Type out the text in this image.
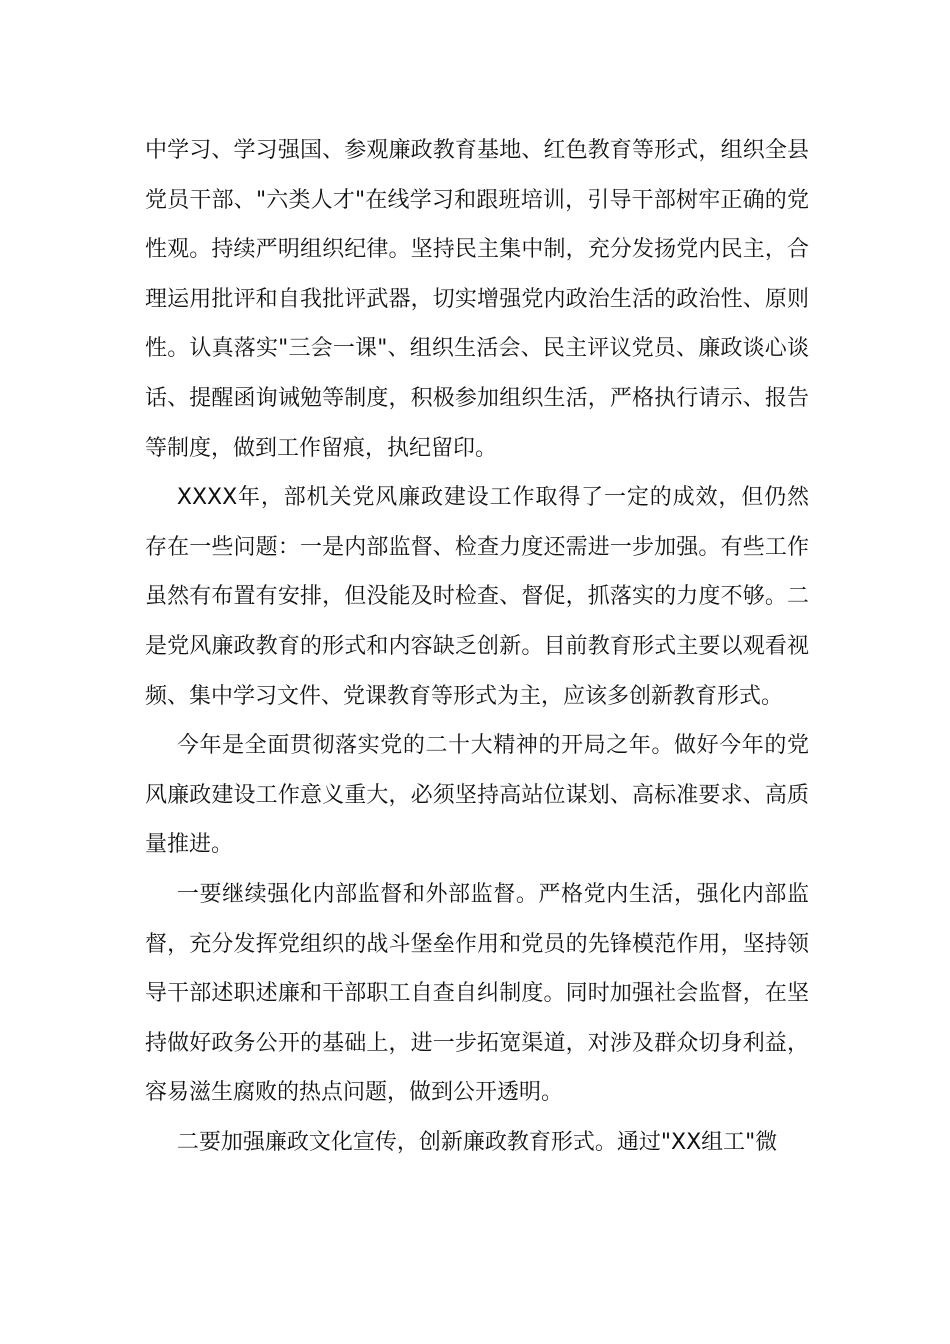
中学习、学习强国、参观廉政教育基地、红色教育等形式，组织全县党员干部、"六类人才"在线学习和跟班培训，引导干部树牢正确的党性观。持续严明组织纪律。坚持民主集中制，充分发扬党内民主，合理运用批评和自我批评武器，切实增强党内政治生活的政治性、原则性。认真落实"三会一课"、组织生活会、民主评议党员、廉政谈心谈话、提醒函询诫勉等制度，积极参加组织生活，严格执行请示、报告等制度，做到工作留痕，执纪留印。

XXXX年，部机关党风廉政建设工作取得了一定的成效，但仍然存在一些问题：一是内部监督、检查力度还需进一步加强。有些工作虽然有布置有安排，但没能及时检查、督促，抓落实的力度不够。二是党风廉政教育的形式和内容缺乏创新。目前教育形式主要以观看视频、集中学习文件、党课教育等形式为主，应该多创新教育形式。

今年是全面贯彻落实党的二十大精神的开局之年。做好今年的党风廉政建设工作意义重大，必须坚持高站位谋划、高标准要求、高质量推进。

一要继续强化内部监督和外部监督。严格党内生活，强化内部监督，充分发挥党组织的战斗堡垒作用和党员的先锋模范作用，坚持领导干部述职述廉和干部职工自查自纠制度。同时加强社会监督，在坚持做好政务公开的基础上，进一步拓宽渠道，对涉及群众切身利益，容易滋生腐败的热点问题，做到公开透明。

二要加强廉政文化宣传，创新廉政教育形式。通过"XX组工"微
